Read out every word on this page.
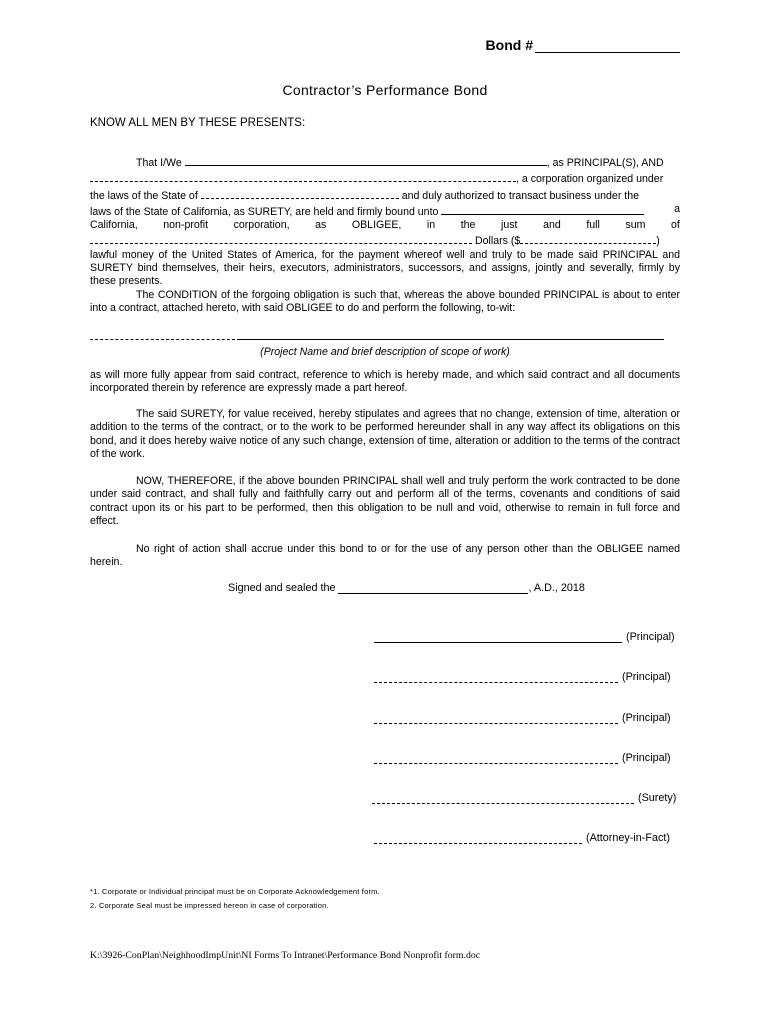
Bond #
Contractor’s Performance Bond
KNOW ALL MEN BY THESE PRESENTS:
That I/We	, as PRINCIPAL(S), AND
, a corporation organized under
the laws of the State of	and duly authorized to transact business under the
laws of the State of California, as SURETY, are held and firmly bound unto	a
California, non-profit corporation, as OBLIGEE, in the just and full sum of
Dollars ($	)
lawful money of the United States of America, for the payment whereof well and truly to be made said PRINCIPAL and SURETY bind themselves, their heirs, executors, administrators, successors, and assigns, jointly and severally, firmly by these presents.
The CONDITION of the forgoing obligation is such that, whereas the above bounded PRINCIPAL is about to enter into a contract, attached hereto, with said OBLIGEE to do and perform the following, to-wit:
(Project Name and brief description of scope of work)
as will more fully appear from said contract, reference to which is hereby made, and which said contract and all documents incorporated therein by reference are expressly made a part hereof.
The said SURETY, for value received, hereby stipulates and agrees that no change, extension of time, alteration or addition to the terms of the contract, or to the work to be performed hereunder shall in any way affect its obligations on this bond, and it does hereby waive notice of any such change, extension of time, alteration or addition to the terms of the contract of the work.
NOW, THEREFORE, if the above bounden PRINCIPAL shall well and truly perform the work contracted to be done under said contract, and shall fully and faithfully carry out and perform all of the terms, covenants and conditions of said contract upon its or his part to be performed, then this obligation to be null and void, otherwise to remain in full force and effect.
No right of action shall accrue under this bond to or for the use of any person other than the OBLIGEE named herein.
Signed and sealed the	, A.D., 2018
(Principal)
(Principal)
(Principal)
(Principal)
(Surety)
(Attorney-in-Fact)
*1. Corporate or Individual principal must be on Corporate Acknowledgement form.
2. Corporate Seal must be impressed hereon in case of corporation.
K:\3926-ConPlan\NeighhoodImpUnit\NI Forms To Intranet\Performance Bond Nonprofit form.doc
